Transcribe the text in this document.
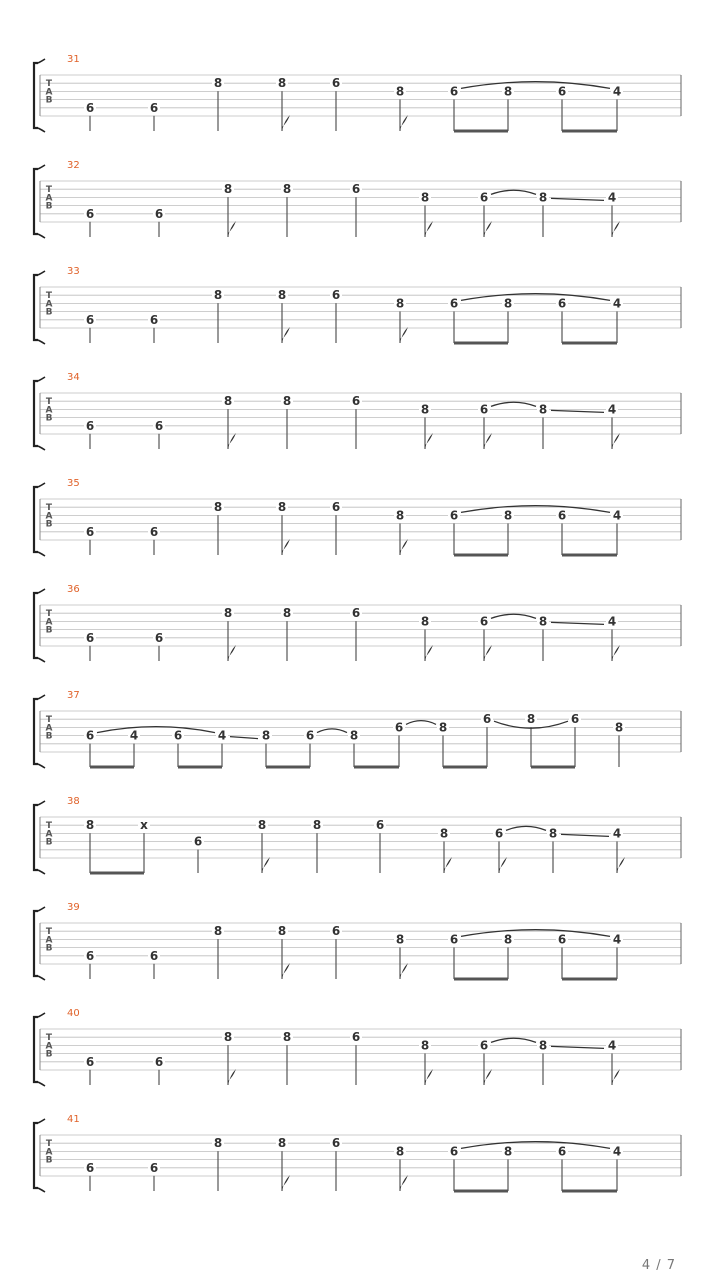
31
T
A
B
6	6
8	8	6
8	6	8	6	4
32
T
A
B
6	6
8	8	6
8	6	8	4
33
T
A
B
6	6
8	8	6
8	6	8	6	4
34
T
A
B
6	6
8	8	6
8	6	8	4
35
T
A
B
6	6
8	8	6
8	6	8	6	4
36
T
A
B
6	6
8	8	6
8	6	8	4
37
T
A
B	6	4	6	4	8	6	8
6	8
6	8	6
8
38
T
A
B
8	x
6
8	8	6
8	6	8	4
39
T
A
B
6	6
8	8	6
8	6	8	6	4
40
T
A
B
6	6
8	8	6
8	6	8	4
41
T
A
B
6	6
8	8	6
8	6	8	6	4
4 / 7
